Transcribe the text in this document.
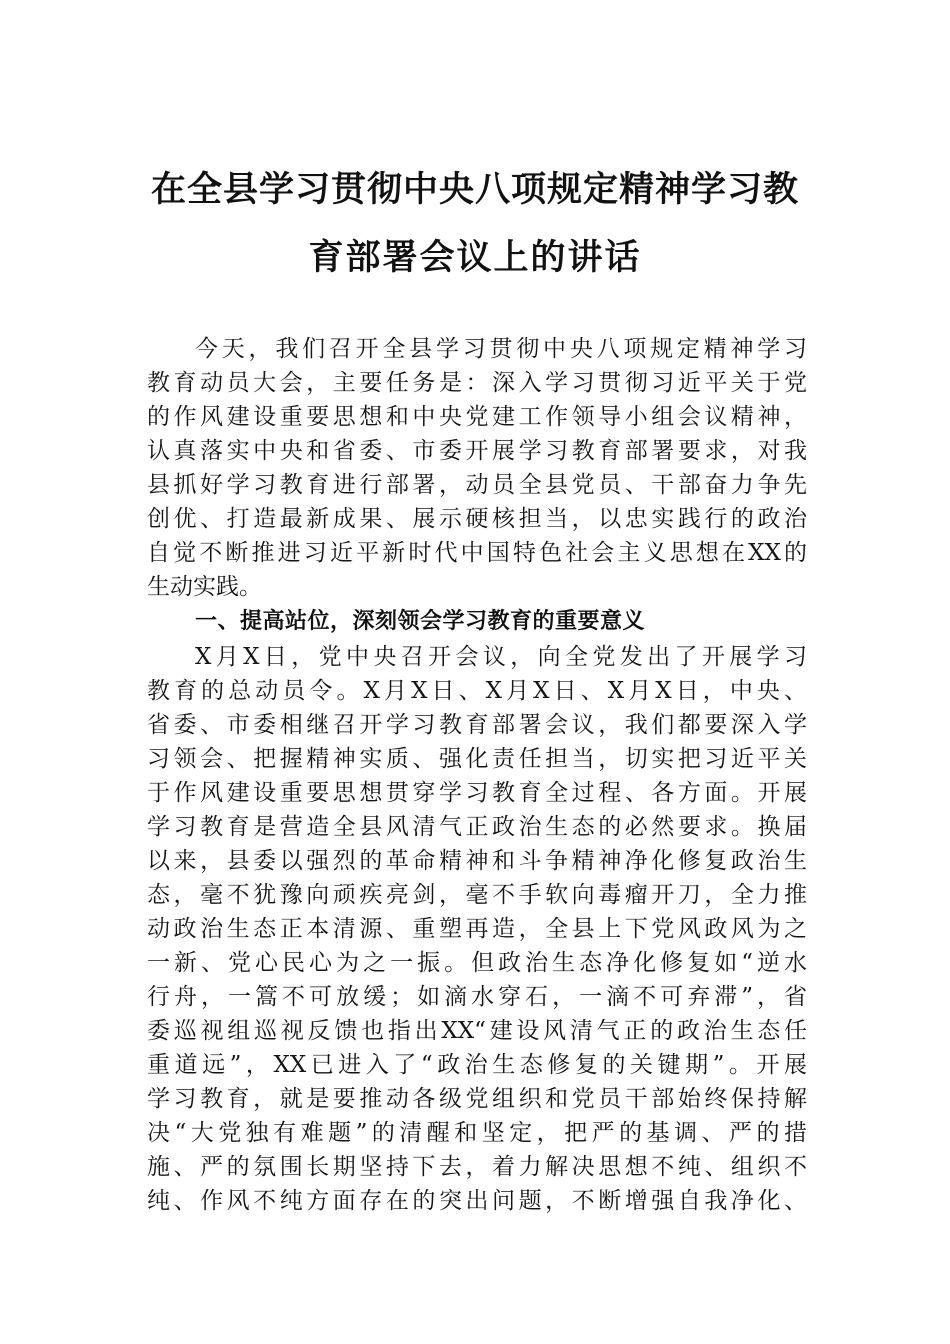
在全县学习贯彻中央八项规定精神学习教
育部署会议上的讲话
今天，我们召开全县学习贯彻中央八项规定精神学习
教育动员大会，主要任务是：深入学习贯彻习近平关于党
的作风建设重要思想和中央党建工作领导小组会议精神，
认真落实中央和省委、市委开展学习教育部署要求，对我
县抓好学习教育进行部署，动员全县党员、干部奋力争先
创优、打造最新成果、展示硬核担当，以忠实践行的政治
自觉不断推进习近平新时代中国特色社会主义思想在XX的
生动实践。
一、提高站位，深刻领会学习教育的重要意义
X月X日，党中央召开会议，向全党发出了开展学习
教育的总动员令。X月X日、X月X日、X月X日，中央、
省委、市委相继召开学习教育部署会议，我们都要深入学
习领会、把握精神实质、强化责任担当，切实把习近平关
于作风建设重要思想贯穿学习教育全过程、各方面。开展
学习教育是营造全县风清气正政治生态的必然要求。换届
以来，县委以强烈的革命精神和斗争精神净化修复政治生
态，毫不犹豫向顽疾亮剑，毫不手软向毒瘤开刀，全力推
动政治生态正本清源、重塑再造，全县上下党风政风为之
一新、党心民心为之一振。但政治生态净化修复如“逆水
行舟，一篙不可放缓；如滴水穿石，一滴不可弃滞”，省
委巡视组巡视反馈也指出XX“建设风清气正的政治生态任
重道远”，XX已进入了“政治生态修复的关键期”。开展
学习教育，就是要推动各级党组织和党员干部始终保持解
决“大党独有难题”的清醒和坚定，把严的基调、严的措
施、严的氛围长期坚持下去，着力解决思想不纯、组织不
纯、作风不纯方面存在的突出问题，不断增强自我净化、
